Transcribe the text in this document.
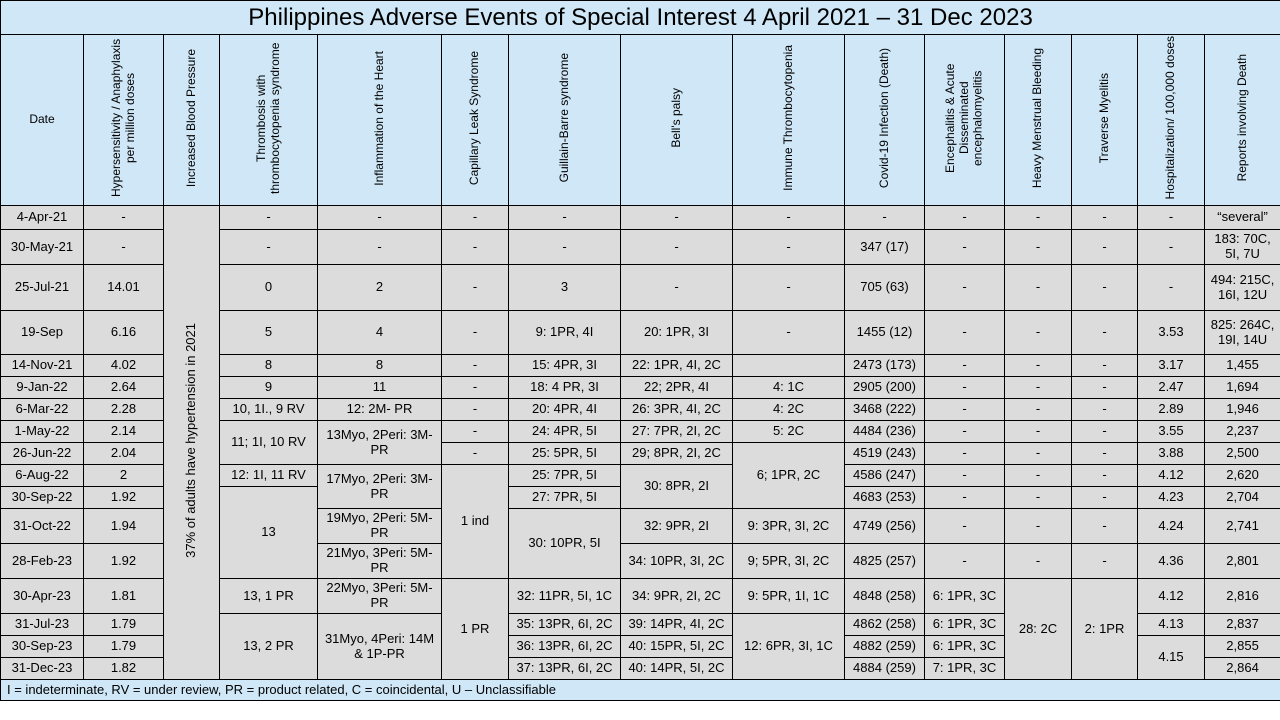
Philippines Adverse Events of Special Interest 4 April 2021 – 31 Dec 2023														
Date	Hypersensitivity / Anaphylaxis per million doses	Increased Blood Pressure	Thrombosis with thrombocytopenia syndrome	Inflammation of the Heart	Capillary Leak Syndrome	Guillain-Barre syndrome	Bell's palsy	Immune Thrombocytopenia	Covid-19 Infection (Death)	Encephalitis & Acute Disseminated encephalomyelitis	Heavy Menstrual Bleeding	Traverse Myelitis	Hospitalization/ 100,000 doses	Reports involving Death
4-Apr-21	-	37% of adults have hypertension in 2021	-	-	-	-	-	-	-	-	-	-	-	“several”
30-May-21	-		-	-	-	-	-	-	347 (17)	-	-	-	-	183: 70C, 5I, 7U
25-Jul-21	14.01		0	2	-	3	-	-	705 (63)	-	-	-	-	494: 215C, 16I, 12U
19-Sep	6.16		5	4	-	9: 1PR, 4I	20: 1PR, 3I	-	1455 (12)	-	-	-	3.53	825: 264C, 19I, 14U
14-Nov-21	4.02		8	8	-	15: 4PR, 3I	22: 1PR, 4I, 2C		2473 (173)	-	-	-	3.17	1,455
9-Jan-22	2.64		9	11	-	18: 4 PR, 3I	22; 2PR, 4I	4: 1C	2905 (200)	-	-	-	2.47	1,694
6-Mar-22	2.28		10, 1I., 9 RV	12: 2M- PR	-	20: 4PR, 4I	26: 3PR, 4I, 2C	4: 2C	3468 (222)	-	-	-	2.89	1,946
1-May-22	2.14		11; 1I, 10 RV	13Myo, 2Peri: 3M-PR	-	24: 4PR, 5I	27: 7PR, 2I, 2C	5: 2C	4484 (236)	-	-	-	3.55	2,237
26-Jun-22	2.04				-	25: 5PR, 5I	29; 8PR, 2I, 2C	6; 1PR, 2C	4519 (243)	-	-	-	3.88	2,500
6-Aug-22	2		12: 1I, 11 RV	17Myo, 2Peri: 3M-PR	1 ind	25: 7PR, 5I	30: 8PR, 2I		4586 (247)	-	-	-	4.12	2,620
30-Sep-22	1.92		13			27: 7PR, 5I			4683 (253)	-	-	-	4.23	2,704
31-Oct-22	1.94			19Myo, 2Peri: 5M-PR		30: 10PR, 5I	32: 9PR, 2I	9: 3PR, 3I, 2C	4749 (256)	-	-	-	4.24	2,741
28-Feb-23	1.92			21Myo, 3Peri: 5M-PR			34: 10PR, 3I, 2C	9; 5PR, 3I, 2C	4825 (257)	-	-	-	4.36	2,801
30-Apr-23	1.81		13, 1 PR	22Myo, 3Peri: 5M-PR	1 PR	32: 11PR, 5I, 1C	34: 9PR, 2I, 2C	9: 5PR, 1I, 1C	4848 (258)	6: 1PR, 3C	28: 2C	2: 1PR	4.12	2,816
31-Jul-23	1.79		13, 2 PR	31Myo, 4Peri: 14M & 1P-PR		35: 13PR, 6I, 2C	39: 14PR, 4I, 2C	12: 6PR, 3I, 1C	4862 (258)	6: 1PR, 3C			4.13	2,837
30-Sep-23	1.79					36: 13PR, 6I, 2C	40: 15PR, 5I, 2C		4882 (259)	6: 1PR, 3C			4.15	2,855
31-Dec-23	1.82					37: 13PR, 6I, 2C	40: 14PR, 5I, 2C		4884 (259)	7: 1PR, 3C				2,864
I = indeterminate, RV = under review, PR = product related, C = coincidental, U – Unclassifiable														
